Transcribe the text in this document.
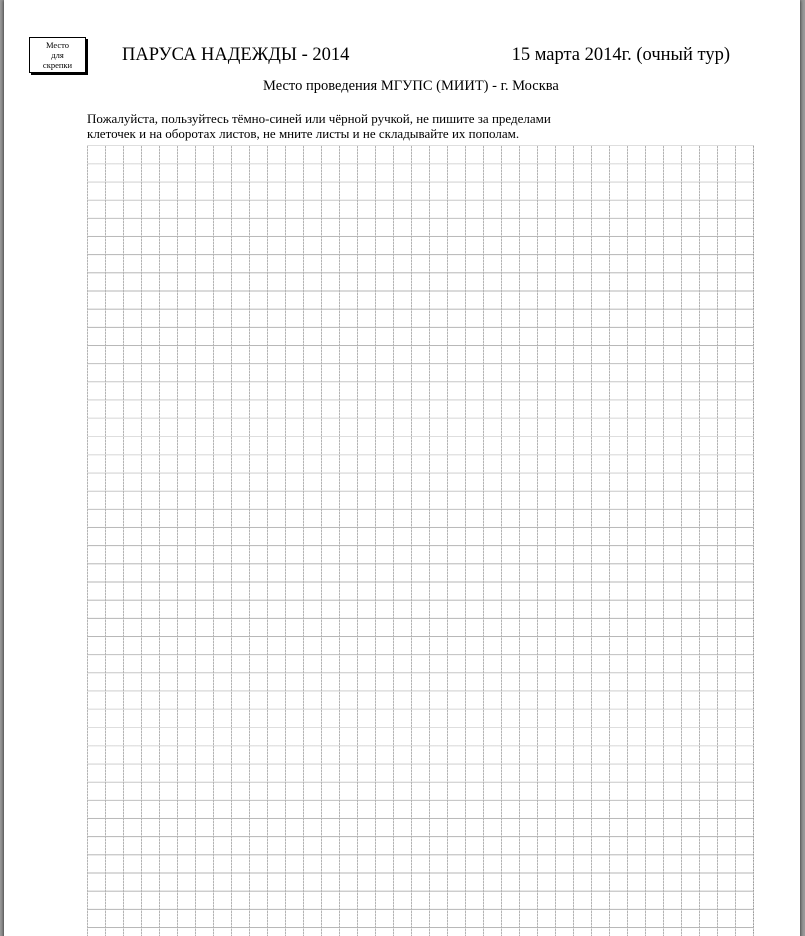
Место
для
скрепки	ПАРУСА НАДЕЖДЫ - 2014	15 марта 2014г. (очный тур)
Место проведения МГУПС (МИИТ) - г. Москва
Пожалуйста, пользуйтесь тёмно-синей или чёрной ручкой, не пишите за пределами
клеточек и на оборотах листов, не мните листы и не складывайте их пополам.
